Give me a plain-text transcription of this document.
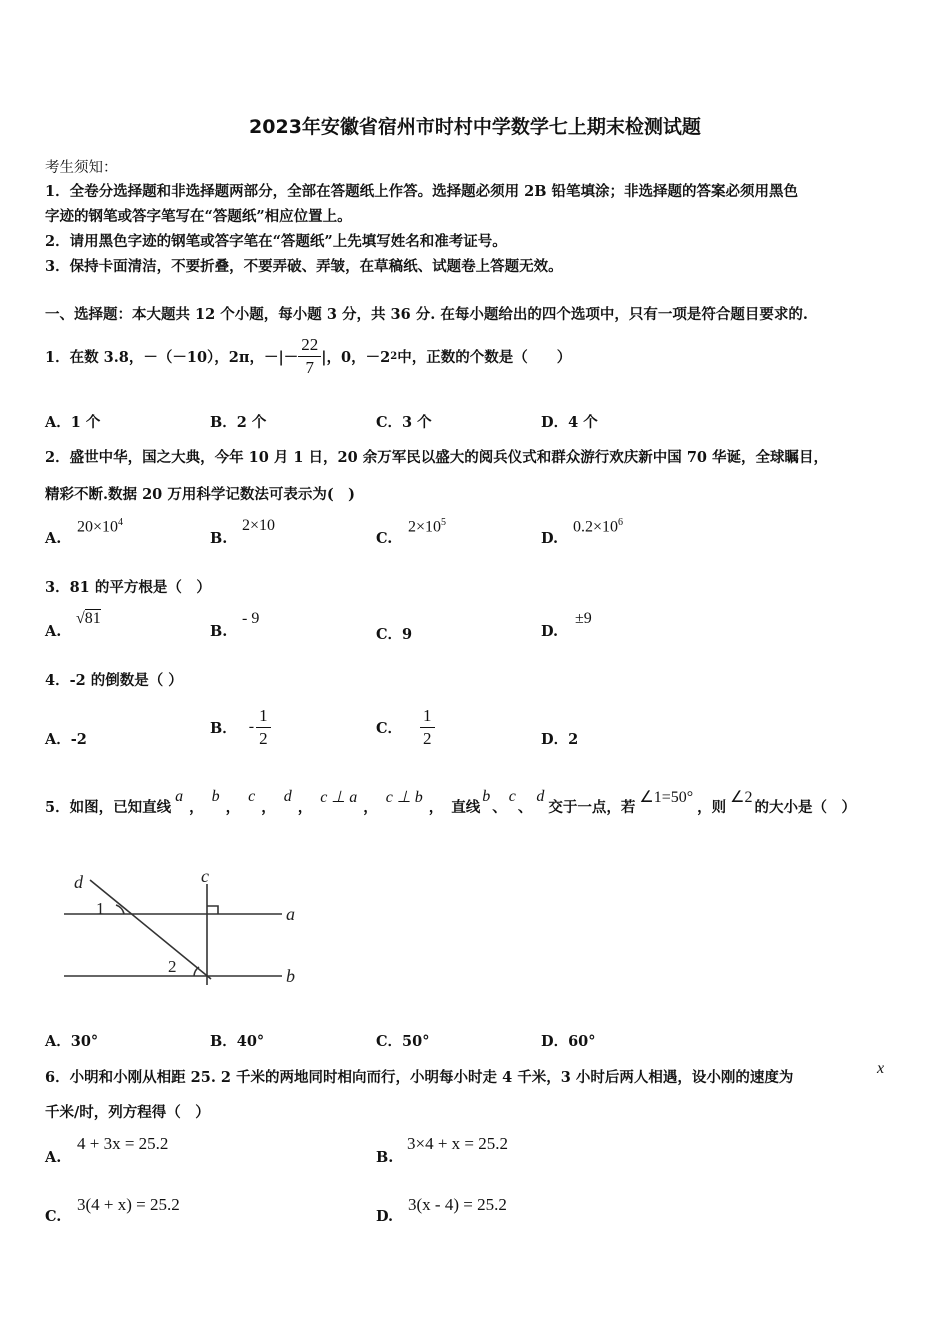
2023年安徽省宿州市时村中学数学七上期末检测试题
考生须知：
1．全卷分选择题和非选择题两部分，全部在答题纸上作答。选择题必须用 2B 铅笔填涂；非选择题的答案必须用黑色
字迹的钢笔或答字笔写在“答题纸”相应位置上。
2．请用黑色字迹的钢笔或答字笔在“答题纸”上先填写姓名和准考证号。
3．保持卡面清洁，不要折叠，不要弄破、弄皱，在草稿纸、试题卷上答题无效。
一、选择题：本大题共 12 个小题，每小题 3 分，共 36 分. 在每小题给出的四个选项中，只有一项是符合题目要求的.
1．在数 3.8，－（－10），2π，－|－ $\frac{22}{7}$ |，0，－2 2 中，正数的个数是（　　）
A．1 个	B．2 个	C．3 个	D．4 个
2．盛世中华，国之大典，今年 10 月 1 日，20 余万军民以盛大的阅兵仪式和群众游行欢庆新中国 70 华诞，全球瞩目，
精彩不断.数据 20 万用科学记数法可表示为(　)
A.
$20\times 10^4$
B.
2×10
C.
$2\times 10^5$
D.
$0.2\times 10^6$
3．81 的平方根是（　）
A.
√81
B.
- 9
C．9	D.
±9
4．-2 的倒数是（ ）
A．-2
B． - $\frac{1}{2}$	C． $\frac{1}{2}$	D．2
5．如图，已知直线
a
，
b
，
c
，
d
，
c ⊥ a
，
c ⊥ b
， 直线
b
、
c
、
d
交于一点，若
∠1=50°
，则
∠2
的大小是（　）
d	c
a
b
1
2
A．30°	B．40°	C．50°	D．60°
6．小明和小刚从相距 25. 2 千米的两地同时相向而行，小明每小时走 4 千米，3 小时后两人相遇，设小刚的速度为
x
千米/时，列方程得（　）
A.
4 + 3x = 25.2
B.
3×4 + x = 25.2
C.
3(4 + x) = 25.2
D.
3(x - 4) = 25.2
